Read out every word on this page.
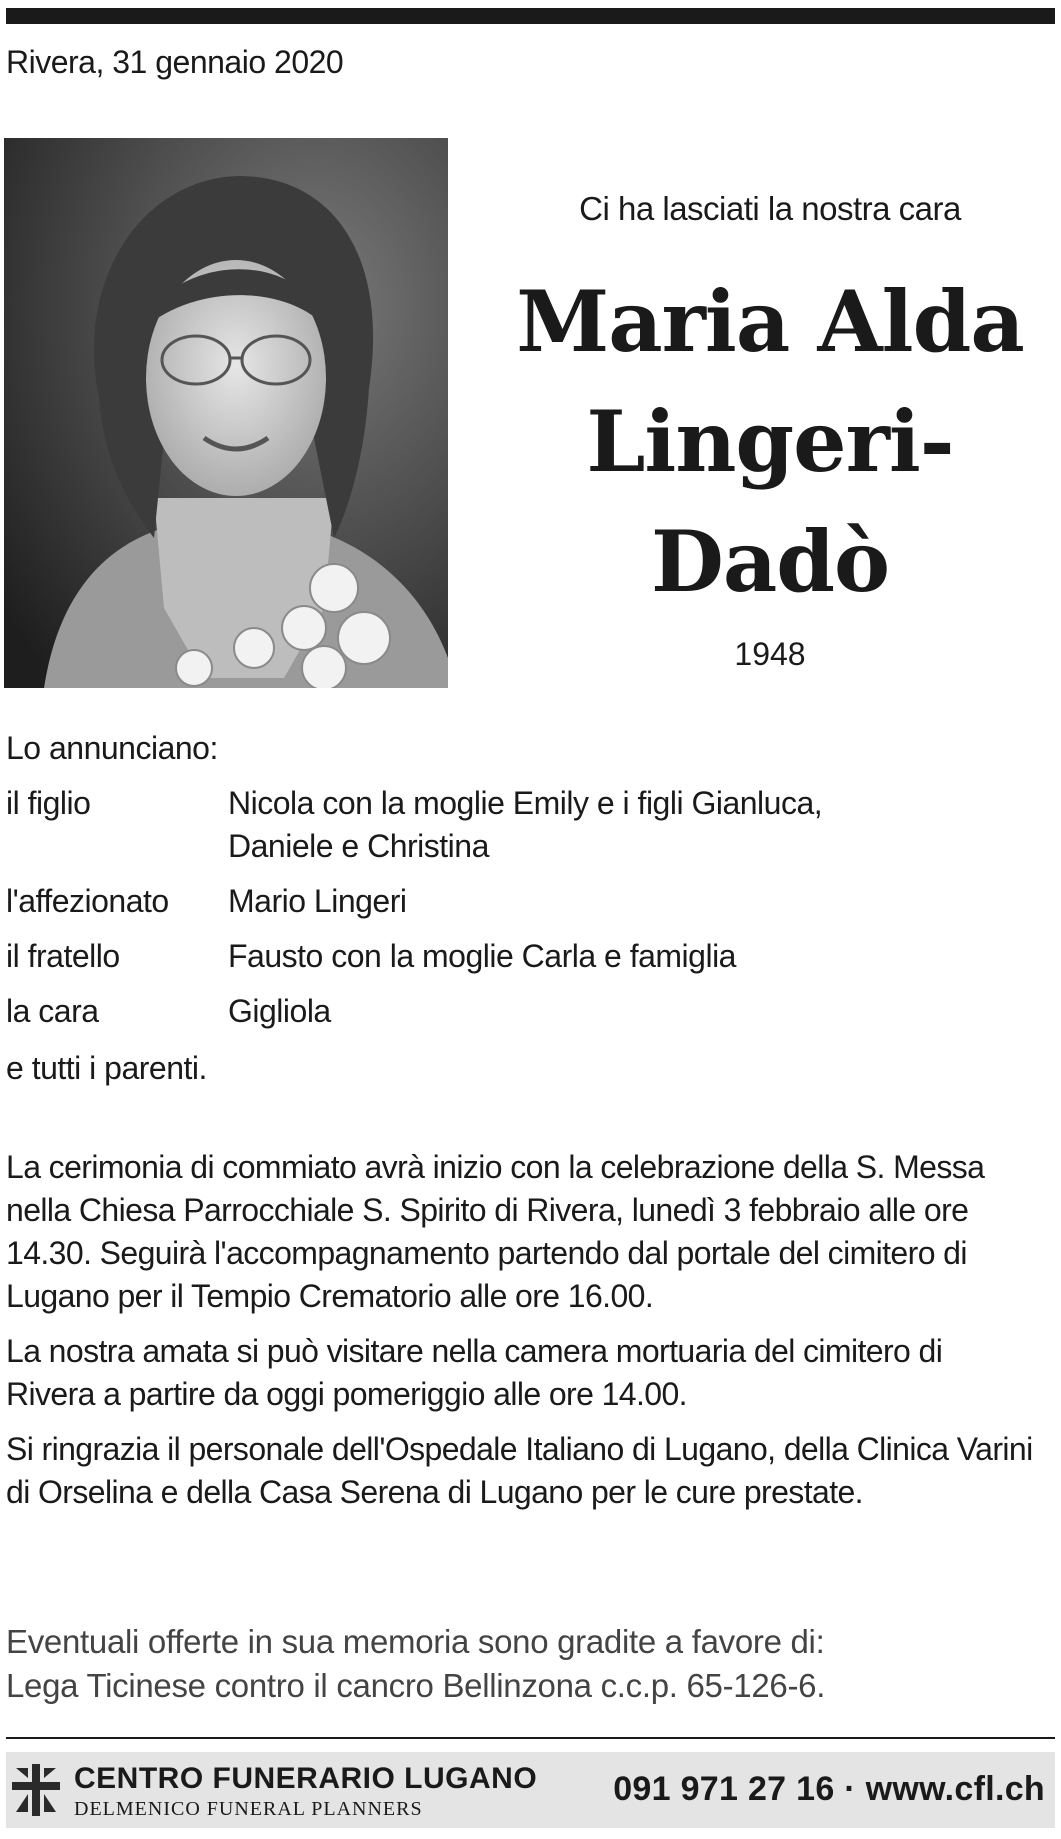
Rivera, 31 gennaio 2020
Ci ha lasciati la nostra cara
Maria Alda
Lingeri-
Dadò
1948
Lo annunciano:
il figlio	Nicola con la moglie Emily e i figli Gianluca, Daniele e Christina
l'affezionato	Mario Lingeri
il fratello	Fausto con la moglie Carla e famiglia
la cara	Gigliola
e tutti i parenti.

La cerimonia di commiato avrà inizio con la celebrazione della S. Messa nella Chiesa Parrocchiale S. Spirito di Rivera, lunedì 3 febbraio alle ore 14.30. Seguirà l'accompagnamento partendo dal portale del cimitero di Lugano per il Tempio Crematorio alle ore 16.00.

La nostra amata si può visitare nella camera mortuaria del cimitero di Rivera a partire da oggi pomeriggio alle ore 14.00.

Si ringrazia il personale dell'Ospedale Italiano di Lugano, della Clinica Varini di Orselina e della Casa Serena di Lugano per le cure prestate.

Eventuali offerte in sua memoria sono gradite a favore di:

Lega Ticinese contro il cancro Bellinzona c.c.p. 65-126-6.

CENTRO FUNERARIO LUGANO
DELMENICO FUNERAL PLANNERS
091 971 27 16 · www.cfl.ch
